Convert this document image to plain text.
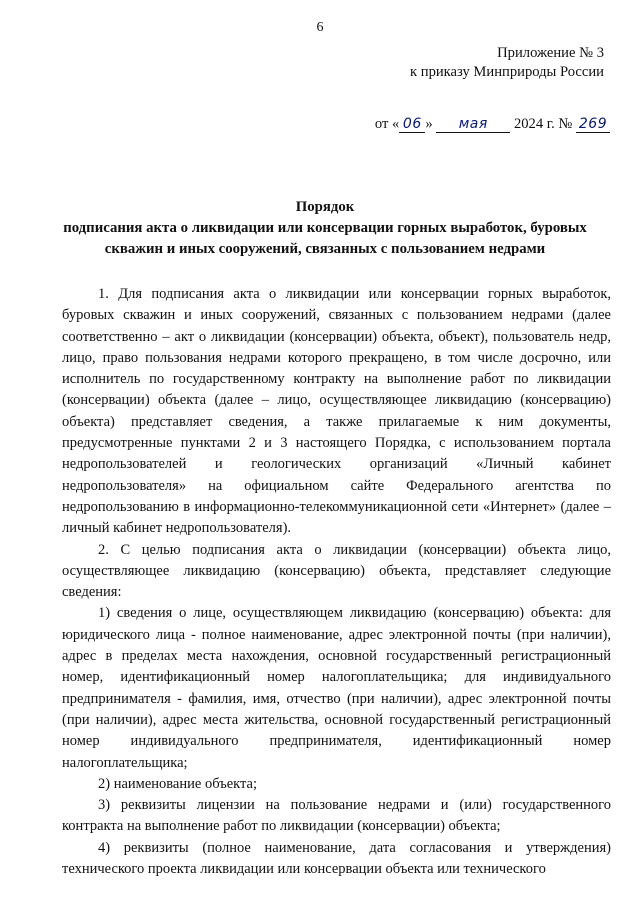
6
Приложение № 3
к приказу Минприроды России
от « 06 » мая 2024 г. № 269
Порядок
подписания акта о ликвидации или консервации горных выработок, буровых
скважин и иных сооружений, связанных с пользованием недрами

1. Для подписания акта о ликвидации или консервации горных выработок, буровых скважин и иных сооружений, связанных с пользованием недрами (далее соответственно – акт о ликвидации (консервации) объекта, объект), пользователь недр, лицо, право пользования недрами которого прекращено, в том числе досрочно, или исполнитель по государственному контракту на выполнение работ по ликвидации (консервации) объекта (далее – лицо, осуществляющее ликвидацию (консервацию) объекта) представляет сведения, а также прилагаемые к ним документы, предусмотренные пунктами 2 и 3 настоящего Порядка, с использованием портала недропользователей и геологических организаций «Личный кабинет недропользователя» на официальном сайте Федерального агентства по недропользованию в информационно-телекоммуникационной сети «Интернет» (далее – личный кабинет недропользователя).

2. С целью подписания акта о ликвидации (консервации) объекта лицо, осуществляющее ликвидацию (консервацию) объекта, представляет следующие сведения:

1) сведения о лице, осуществляющем ликвидацию (консервацию) объекта: для юридического лица - полное наименование, адрес электронной почты (при наличии), адрес в пределах места нахождения, основной государственный регистрационный номер, идентификационный номер налогоплательщика; для индивидуального предпринимателя - фамилия, имя, отчество (при наличии), адрес электронной почты (при наличии), адрес места жительства, основной государственный регистрационный номер индивидуального предпринимателя, идентификационный номер налогоплательщика;

2) наименование объекта;

3) реквизиты лицензии на пользование недрами и (или) государственного контракта на выполнение работ по ликвидации (консервации) объекта;

4) реквизиты (полное наименование, дата согласования и утверждения) технического проекта ликвидации или консервации объекта или технического
